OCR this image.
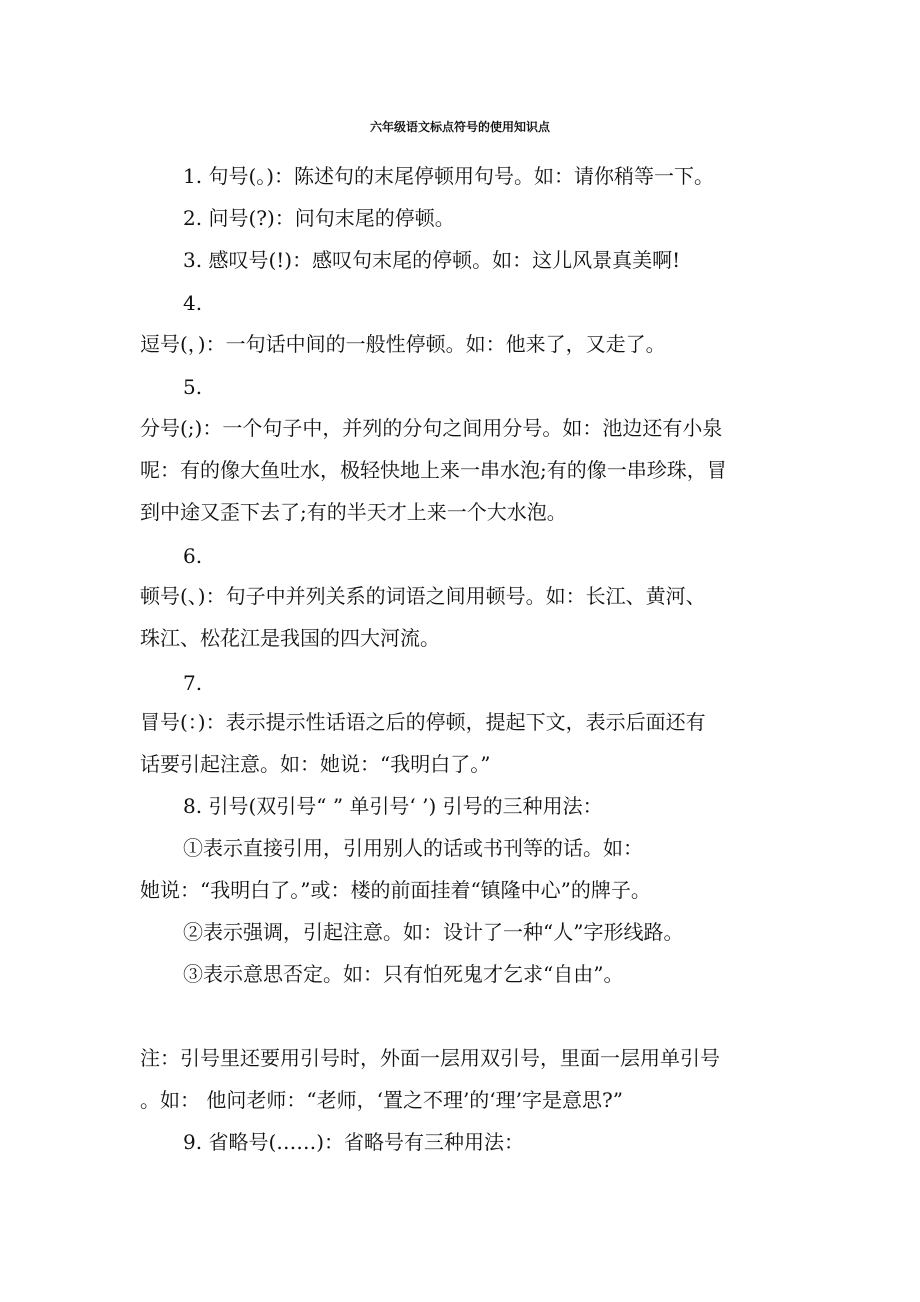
六年级语文标点符号的使用知识点
1. 句号(。)：陈述句的末尾停顿用句号。如：请你稍等一下。
2. 问号(?)：问句末尾的停顿。
3. 感叹号(!)：感叹句末尾的停顿。如：这儿风景真美啊!
4.
逗号(，)：一句话中间的一般性停顿。如：他来了，又走了。
5.
分号(;)：一个句子中，并列的分句之间用分号。如：池边还有小泉
呢：有的像大鱼吐水，极轻快地上来一串水泡;有的像一串珍珠，冒
到中途又歪下去了;有的半天才上来一个大水泡。
6.
顿号(、)：句子中并列关系的词语之间用顿号。如：长江、黄河、
珠江、松花江是我国的四大河流。
7.
冒号(：)：表示提示性话语之后的停顿，提起下文，表示后面还有
话要引起注意。如：她说：“我明白了。”
8. 引号(双引号“ ” 单引号‘ ’) 引号的三种用法：
①表示直接引用，引用别人的话或书刊等的话。如：
她说：“我明白了。”或：楼的前面挂着“镇隆中心”的牌子。
②表示强调，引起注意。如：设计了一种“人”字形线路。
③表示意思否定。如：只有怕死鬼才乞求“自由”。
注：引号里还要用引号时，外面一层用双引号，里面一层用单引号
。如： 他问老师：“老师，‘置之不理’的‘理’字是意思?”
9. 省略号(……)：省略号有三种用法：
